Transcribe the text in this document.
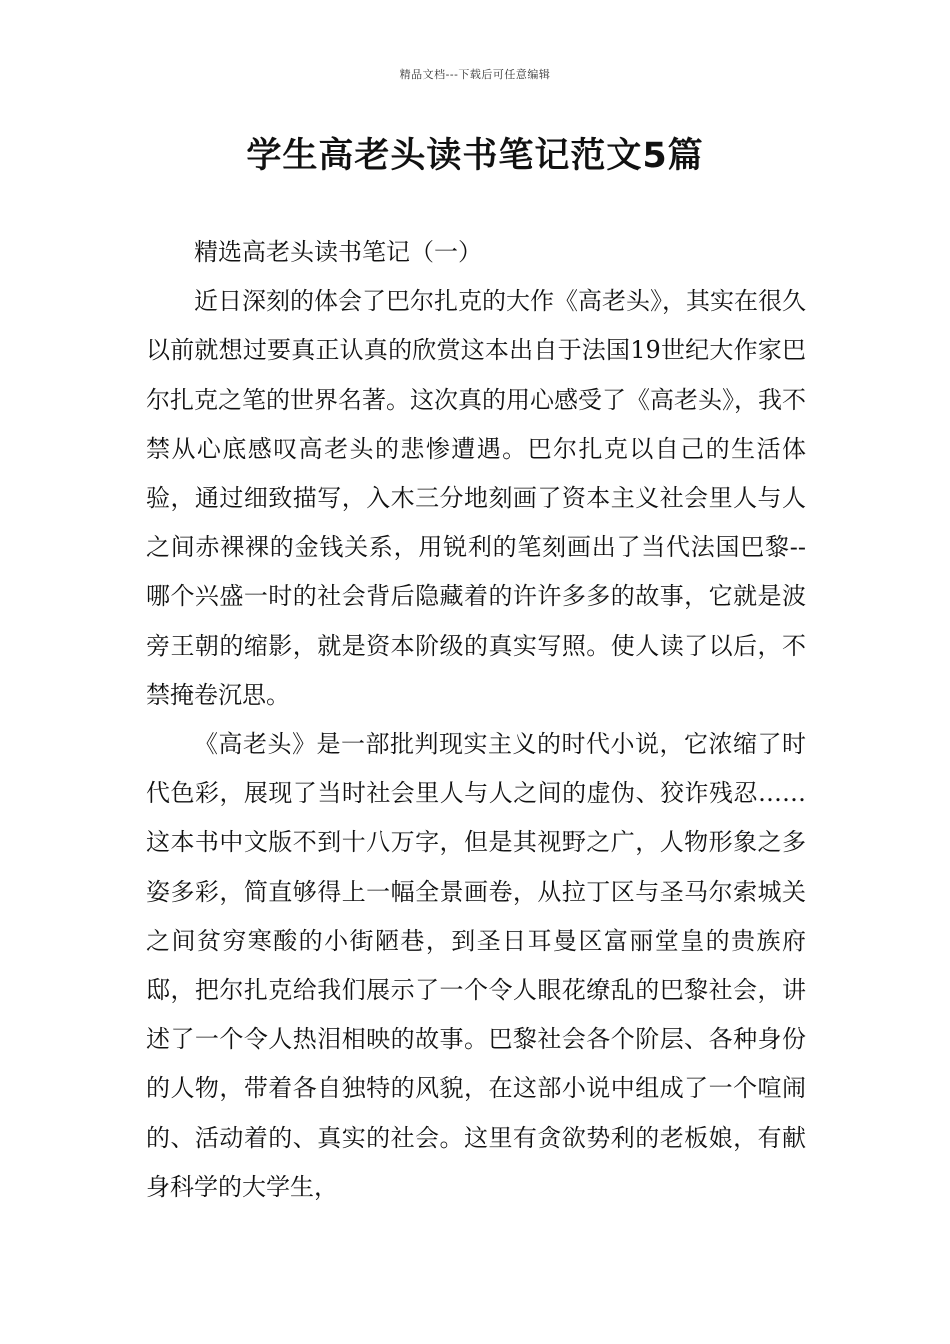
精品文档---下载后可任意编辑
学生高老头读书笔记范文5篇

精选高老头读书笔记（一）

近日深刻的体会了巴尔扎克的大作《高老头》，其实在很久以前就想过要真正认真的欣赏这本出自于法国19世纪大作家巴尔扎克之笔的世界名著。这次真的用心感受了《高老头》，我不禁从心底感叹高老头的悲惨遭遇。巴尔扎克以自己的生活体验，通过细致描写，入木三分地刻画了资本主义社会里人与人之间赤裸裸的金钱关系，用锐利的笔刻画出了当代法国巴黎--哪个兴盛一时的社会背后隐藏着的许许多多的故事，它就是波旁王朝的缩影，就是资本阶级的真实写照。使人读了以后，不禁掩卷沉思。

《高老头》是一部批判现实主义的时代小说，它浓缩了时代色彩，展现了当时社会里人与人之间的虚伪、狡诈残忍……这本书中文版不到十八万字，但是其视野之广，人物形象之多姿多彩，简直够得上一幅全景画卷，从拉丁区与圣马尔索城关之间贫穷寒酸的小街陋巷，到圣日耳曼区富丽堂皇的贵族府邸，把尔扎克给我们展示了一个令人眼花缭乱的巴黎社会，讲述了一个令人热泪相映的故事。巴黎社会各个阶层、各种身份的人物，带着各自独特的风貌，在这部小说中组成了一个喧闹的、活动着的、真实的社会。这里有贪欲势利的老板娘，有献身科学的大学生，
